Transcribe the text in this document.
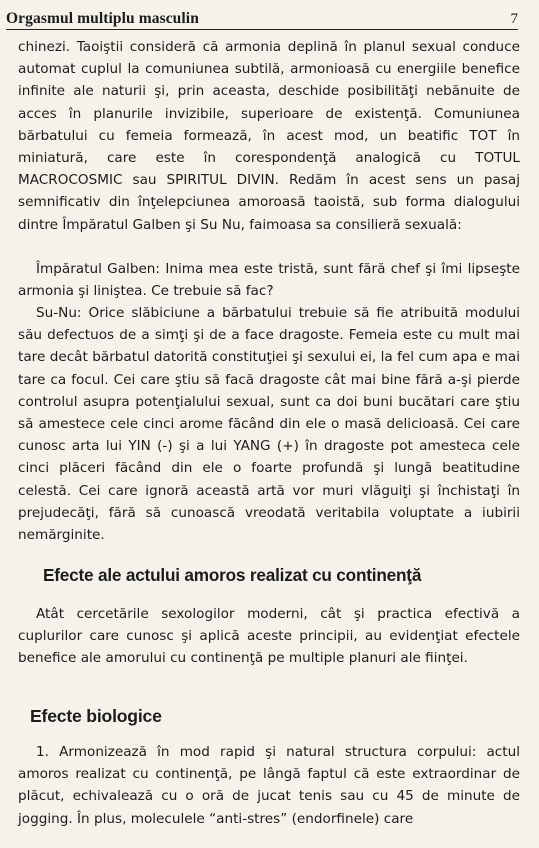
Orgasmul multiplu masculin	7

chinezi. Taoiştii consideră că armonia deplină în planul sexual conduce automat cuplul la comuniunea subtilă, armonioasă cu energiile benefice infinite ale naturii şi, prin aceasta, deschide posibilităţi nebănuite de acces în planurile invizibile, superioare de existenţă. Comuniunea bărbatului cu femeia formează, în acest mod, un beatific TOT în miniatură, care este în corespondenţă analogică cu TOTUL MACROCOSMIC sau SPIRITUL DIVIN. Redăm în acest sens un pasaj semnificativ din înţelepciunea amoroasă taoistă, sub forma dialogului dintre Împăratul Galben şi Su Nu, faimoasa sa consilieră sexuală:

Împăratul Galben: Inima mea este tristă, sunt fără chef şi îmi lipseşte armonia şi liniştea. Ce trebuie să fac?

Su-Nu: Orice slăbiciune a bărbatului trebuie să fie atribuită modului său defectuos de a simţi şi de a face dragoste. Femeia este cu mult mai tare decât bărbatul datorită constituţiei şi sexului ei, la fel cum apa e mai tare ca focul. Cei care ştiu să facă dragoste cât mai bine fără a-şi pierde controlul asupra potenţialului sexual, sunt ca doi buni bucătari care ştiu să amestece cele cinci arome făcând din ele o masă delicioasă. Cei care cunosc arta lui YIN (-) şi a lui YANG (+) în dragoste pot amesteca cele cinci plăceri făcând din ele o foarte profundă şi lungă beatitudine celestă. Cei care ignoră această artă vor muri vlăguiţi şi închistaţi în prejudecăţi, fără să cunoască vreodată veritabila voluptate a iubirii nemărginite.

Efecte ale actului amoros realizat cu continenţă

Atât cercetările sexologilor moderni, cât şi practica efectivă a cuplurilor care cunosc şi aplică aceste principii, au evidenţiat efectele benefice ale amorului cu continenţă pe multiple planuri ale fiinţei.

Efecte biologice

1. Armonizează în mod rapid şi natural structura corpului: actul amoros realizat cu continenţă, pe lângă faptul că este extraordinar de plăcut, echivalează cu o oră de jucat tenis sau cu 45 de minute de jogging. În plus, moleculele “anti-stres” (endorfinele) care
